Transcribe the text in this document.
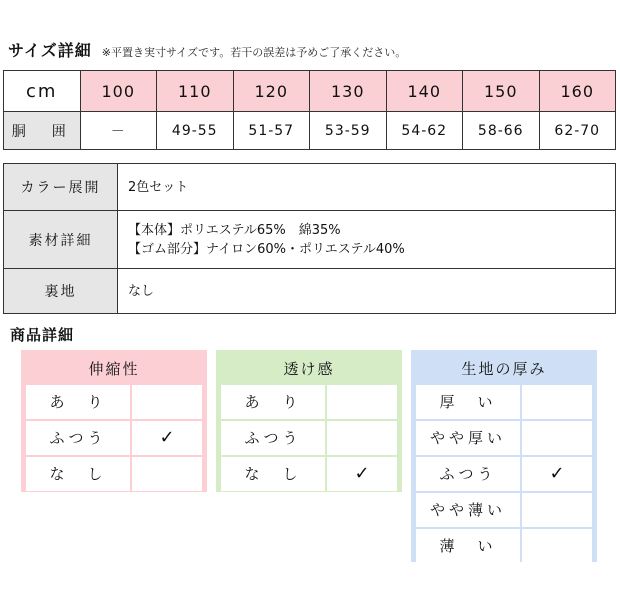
サイズ詳細 ※平置き実寸サイズです。若干の誤差は予めご了承ください。
cm	100	110	120	130	140	150	160
胴　囲	－	49-55	51-57	53-59	54-62	58-66	62-70
カラー展開	2色セット

素材詳細	【本体】ポリエステル65%　綿35%
【ゴム部分】ナイロン60%・ポリエステル40%

裏地	なし
商品詳細
伸縮性
あ　り
ふつう	✓
な　し
透け感
あ　り
ふつう
な　し	✓
生地の厚み
厚　い
やや厚い
ふつう	✓
やや薄い
薄　い
